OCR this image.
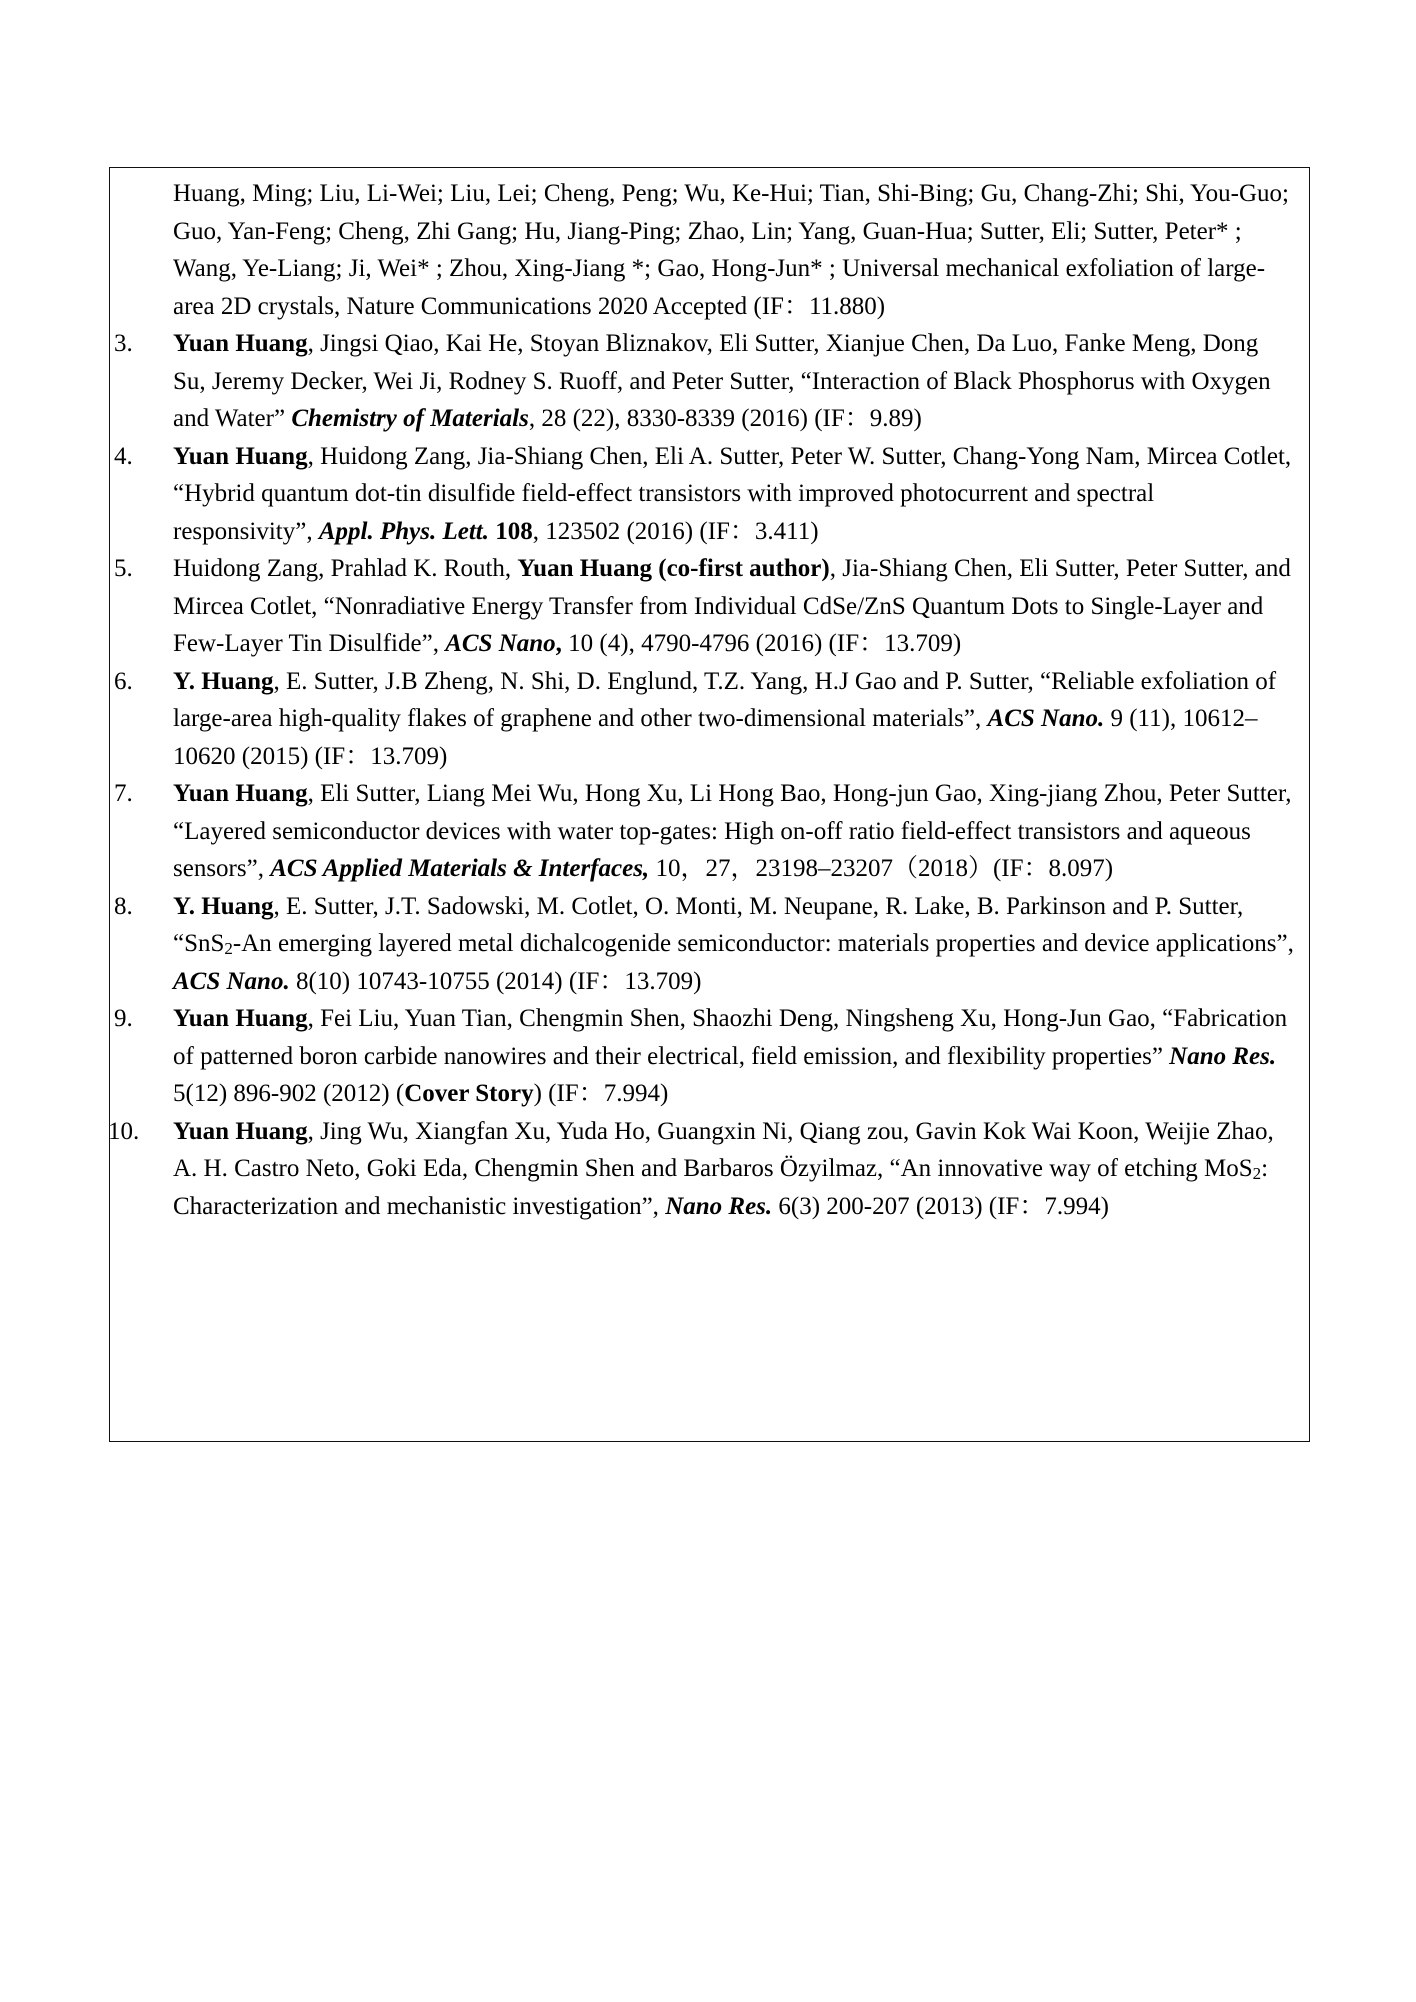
Huang, Ming; Liu, Li-Wei; Liu, Lei; Cheng, Peng; Wu, Ke-Hui; Tian, Shi-Bing; Gu, Chang-Zhi; Shi, You-Guo; Guo, Yan-Feng; Cheng, Zhi Gang; Hu, Jiang-Ping; Zhao, Lin; Yang, Guan-Hua; Sutter, Eli; Sutter, Peter* ; Wang, Ye-Liang; Ji, Wei* ; Zhou, Xing-Jiang *; Gao, Hong-Jun* ; Universal mechanical exfoliation of large-area 2D crystals, Nature Communications 2020 Accepted (IF：11.880)
3. Yuan Huang, Jingsi Qiao, Kai He, Stoyan Bliznakov, Eli Sutter, Xianjue Chen, Da Luo, Fanke Meng, Dong Su, Jeremy Decker, Wei Ji, Rodney S. Ruoff, and Peter Sutter, “Interaction of Black Phosphorus with Oxygen and Water” Chemistry of Materials, 28 (22), 8330-8339 (2016) (IF：9.89)
4. Yuan Huang, Huidong Zang, Jia-Shiang Chen, Eli A. Sutter, Peter W. Sutter, Chang-Yong Nam, Mircea Cotlet, “Hybrid quantum dot-tin disulfide field-effect transistors with improved photocurrent and spectral responsivity”, Appl. Phys. Lett. 108, 123502 (2016) (IF：3.411)
5. Huidong Zang, Prahlad K. Routh, Yuan Huang (co-first author), Jia-Shiang Chen, Eli Sutter, Peter Sutter, and Mircea Cotlet, “Nonradiative Energy Transfer from Individual CdSe/ZnS Quantum Dots to Single-Layer and Few-Layer Tin Disulfide”, ACS Nano, 10 (4), 4790-4796 (2016) (IF：13.709)
6. Y. Huang, E. Sutter, J.B Zheng, N. Shi, D. Englund, T.Z. Yang, H.J Gao and P. Sutter, “Reliable exfoliation of large-area high-quality flakes of graphene and other two-dimensional materials”, ACS Nano. 9 (11), 10612–10620 (2015) (IF：13.709)
7. Yuan Huang, Eli Sutter, Liang Mei Wu, Hong Xu, Li Hong Bao, Hong-jun Gao, Xing-jiang Zhou, Peter Sutter, “Layered semiconductor devices with water top-gates: High on-off ratio field-effect transistors and aqueous sensors”, ACS Applied Materials & Interfaces, 10，27，23198–23207（2018）(IF：8.097)
8. Y. Huang, E. Sutter, J.T. Sadowski, M. Cotlet, O. Monti, M. Neupane, R. Lake, B. Parkinson and P. Sutter, “SnS$_2$-An emerging layered metal dichalcogenide semiconductor: materials properties and device applications”, ACS Nano. 8(10) 10743-10755 (2014) (IF：13.709)
9. Yuan Huang, Fei Liu, Yuan Tian, Chengmin Shen, Shaozhi Deng, Ningsheng Xu, Hong-Jun Gao, “Fabrication of patterned boron carbide nanowires and their electrical, field emission, and flexibility properties” Nano Res. 5(12) 896-902 (2012) (Cover Story) (IF：7.994)
10. Yuan Huang, Jing Wu, Xiangfan Xu, Yuda Ho, Guangxin Ni, Qiang zou, Gavin Kok Wai Koon, Weijie Zhao, A. H. Castro Neto, Goki Eda, Chengmin Shen and Barbaros Özyilmaz, “An innovative way of etching MoS$_2$: Characterization and mechanistic investigation”, Nano Res. 6(3) 200-207 (2013) (IF：7.994)
